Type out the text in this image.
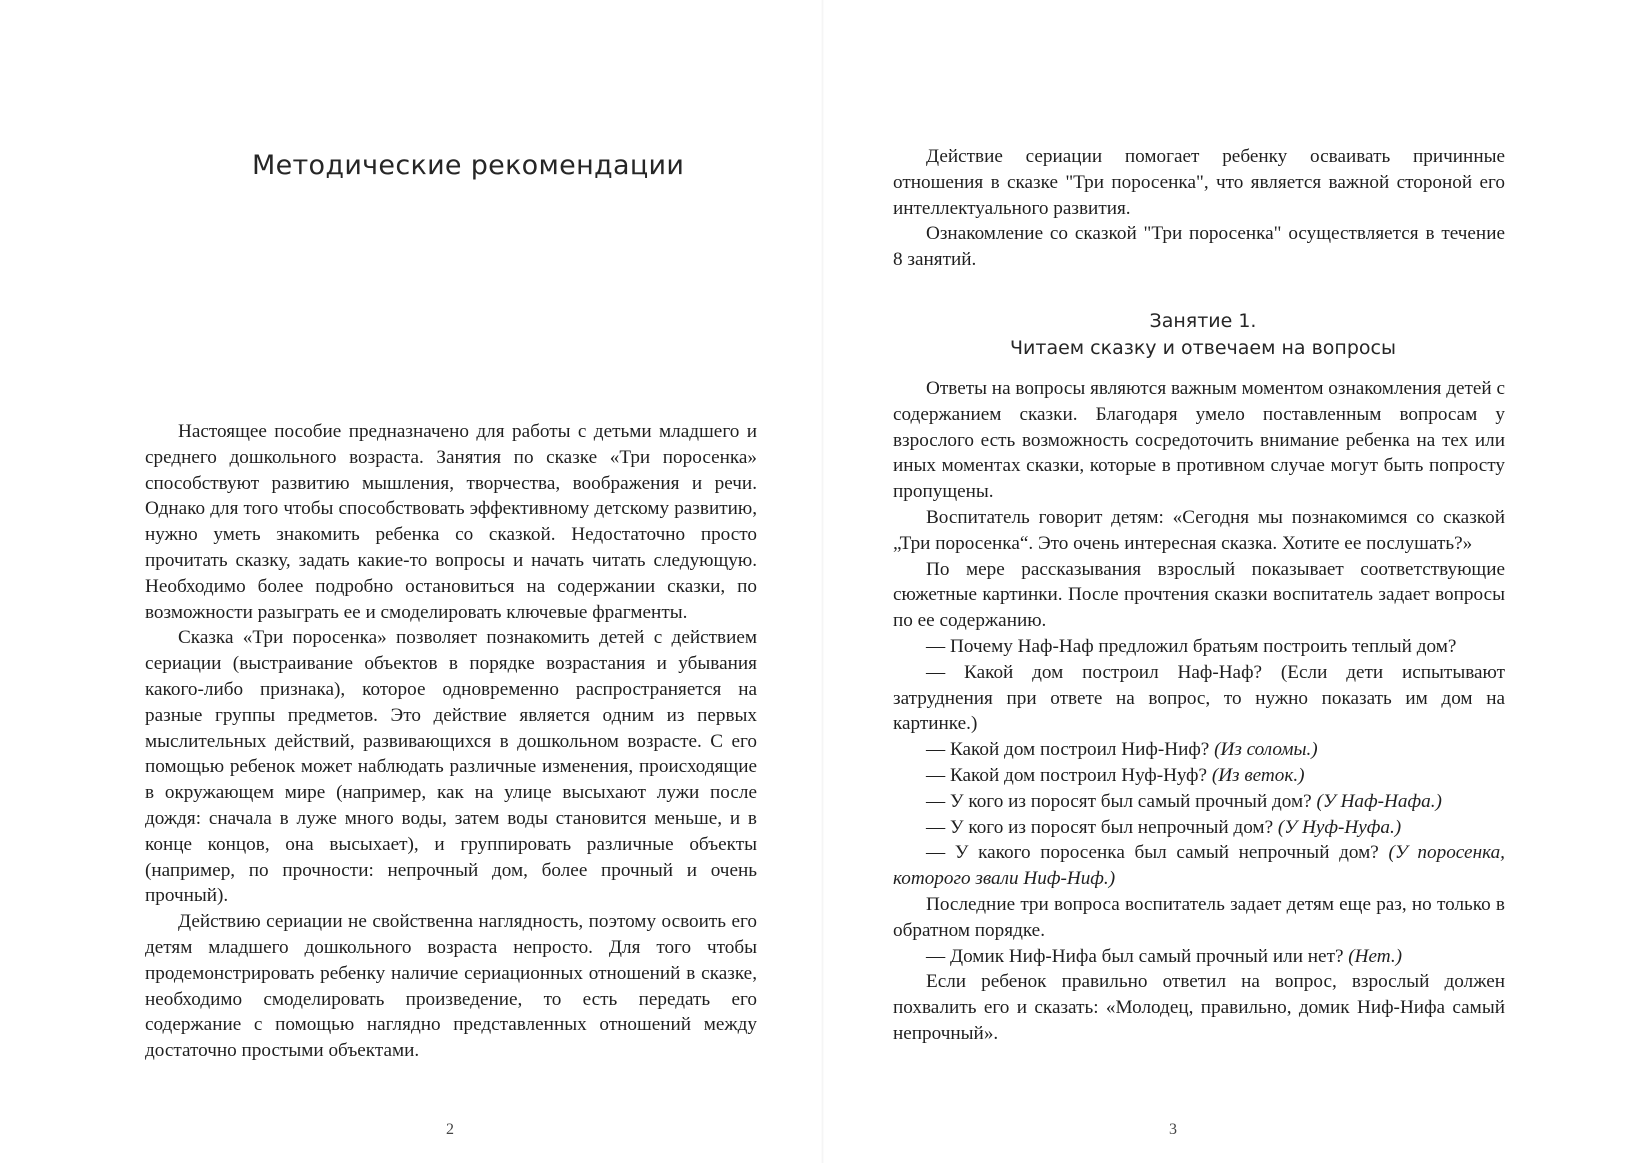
Методические рекомендации

Настоящее пособие предназначено для работы с детьми младшего и среднего дошкольного возраста. Занятия по сказке «Три поросенка» способствуют развитию мышления, творчества, воображения и речи. Однако для того чтобы способствовать эффективному детскому развитию, нужно уметь знакомить ребенка со сказкой. Недостаточно просто прочитать сказку, задать какие-то вопросы и начать читать следующую. Необходимо более подробно остановиться на содержании сказки, по возможности разыграть ее и смоделировать ключевые фрагменты.

Сказка «Три поросенка» позволяет познакомить детей с действием сериации (выстраивание объектов в порядке возрастания и убывания какого-либо признака), которое одновременно распространяется на разные группы предметов. Это действие является одним из первых мыслительных действий, развивающихся в дошкольном возрасте. С его помощью ребенок может наблюдать различные изменения, происходящие в окружающем мире (например, как на улице высыхают лужи после дождя: сначала в луже много воды, затем воды становится меньше, и в конце концов, она высыхает), и группировать различные объекты (например, по прочности: непрочный дом, более прочный и очень прочный).

Действию сериации не свойственна наглядность, поэтому освоить его детям младшего дошкольного возраста непросто. Для того чтобы продемонстрировать ребенку наличие сериационных отношений в сказке, необходимо смоделировать произведение, то есть передать его содержание с помощью наглядно представленных отношений между достаточно простыми объектами.

2

Действие сериации помогает ребенку осваивать причинные отношения в сказке "Три поросенка", что является важной стороной его интеллектуального развития.

Ознакомление со сказкой "Три поросенка" осуществляется в течение 8 занятий.

Занятие 1.
Читаем сказку и отвечаем на вопросы

Ответы на вопросы являются важным моментом ознакомления детей с содержанием сказки. Благодаря умело поставленным вопросам у взрослого есть возможность сосредоточить внимание ребенка на тех или иных моментах сказки, которые в противном случае могут быть попросту пропущены.

Воспитатель говорит детям: «Сегодня мы познакомимся со сказкой „Три поросенка“. Это очень интересная сказка. Хотите ее послушать?»

По мере рассказывания взрослый показывает соответствующие сюжетные картинки. После прочтения сказки воспитатель задает вопросы по ее содержанию.

— Почему Наф-Наф предложил братьям построить теплый дом?

— Какой дом построил Наф-Наф? (Если дети испытывают затруднения при ответе на вопрос, то нужно показать им дом на картинке.)

— Какой дом построил Ниф-Ниф? (Из соломы.)

— Какой дом построил Нуф-Нуф? (Из веток.)

— У кого из поросят был самый прочный дом? (У Наф-Нафа.)

— У кого из поросят был непрочный дом? (У Нуф-Нуфа.)

— У какого поросенка был самый непрочный дом? (У поросенка, которого звали Ниф-Ниф.)

Последние три вопроса воспитатель задает детям еще раз, но только в обратном порядке.

— Домик Ниф-Нифа был самый прочный или нет? (Нет.)

Если ребенок правильно ответил на вопрос, взрослый должен похвалить его и сказать: «Молодец, правильно, домик Ниф-Нифа самый непрочный».

3
